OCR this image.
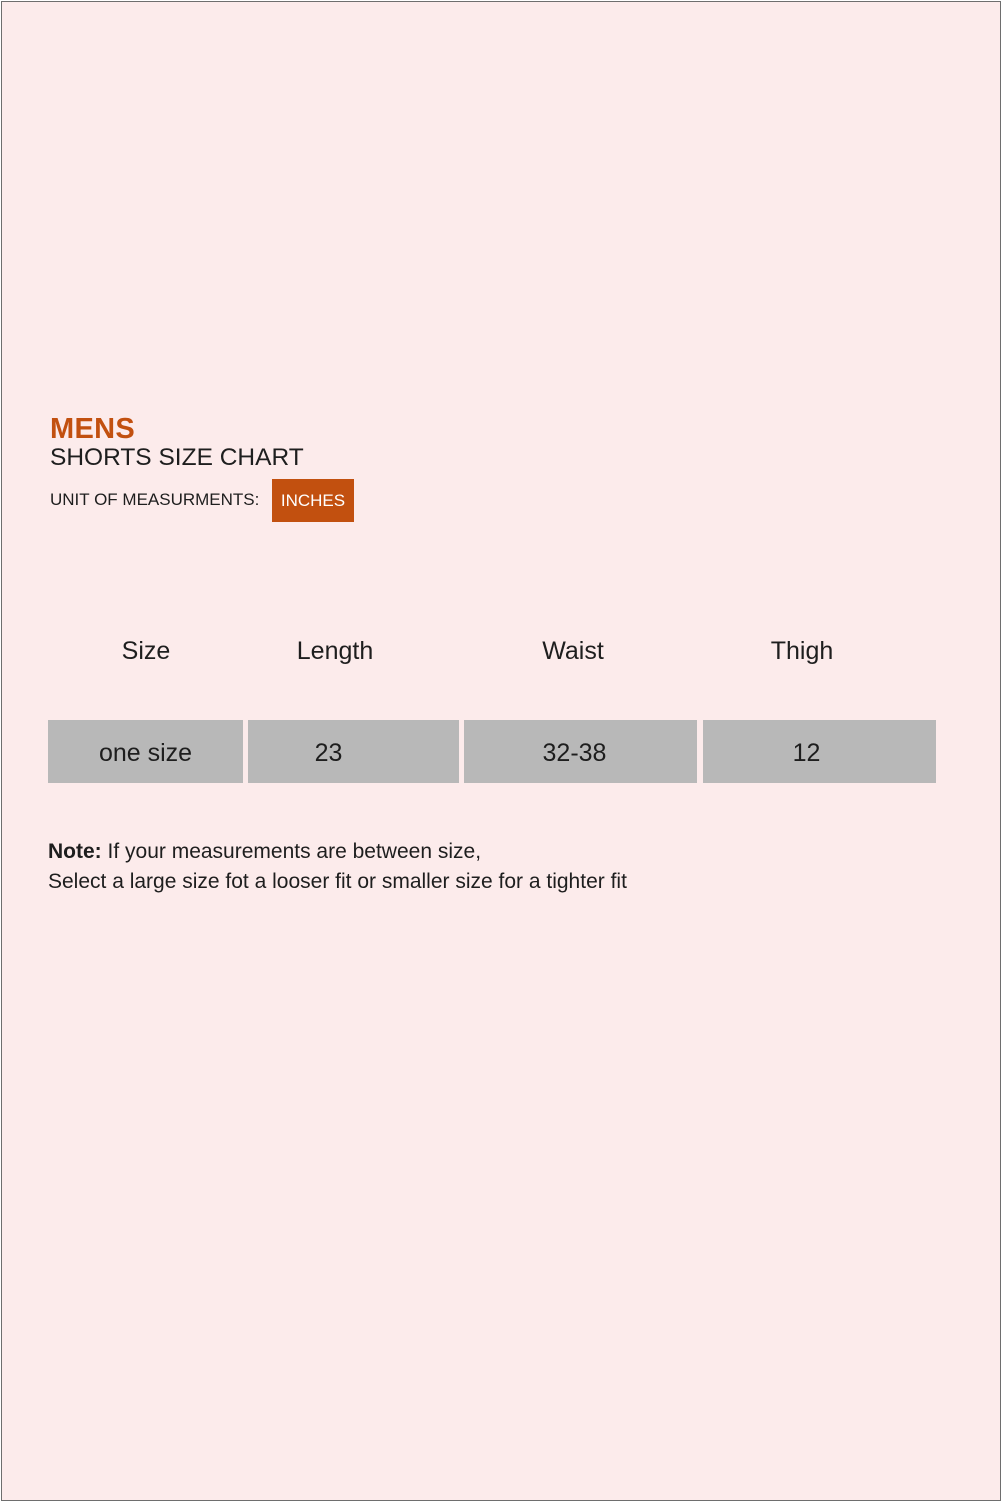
MENS
SHORTS SIZE CHART
UNIT OF MEASURMENTS:	INCHES
Size	Length	Waist	Thigh
one size	23	32-38	12
Note: If your measurements are between size,
Select a large size fot a looser fit or smaller size for a tighter fit
